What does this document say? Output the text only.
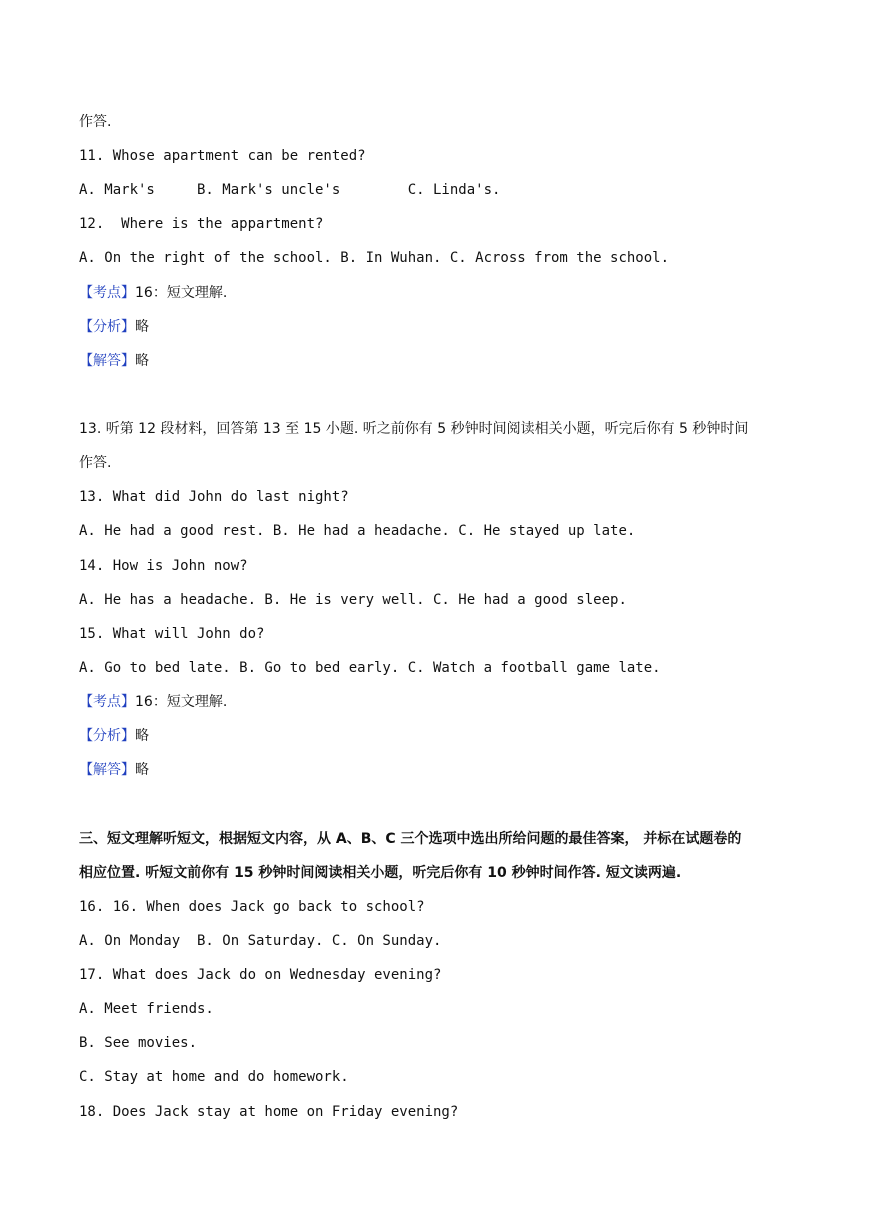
作答.
11. Whose apartment can be rented?
A. Mark's     B. Mark's uncle's        C. Linda's.
12.  Where is the appartment?
A. On the right of the school. B. In Wuhan. C. Across from the school.
【考点】16：短文理解.
【分析】略
【解答】略
13. 听第 12 段材料，回答第 13 至 15 小题. 听之前你有 5 秒钟时间阅读相关小题，听完后你有 5 秒钟时间
作答.
13. What did John do last night?
A. He had a good rest. B. He had a headache. C. He stayed up late.
14. How is John now?
A. He has a headache. B. He is very well. C. He had a good sleep.
15. What will John do?
A. Go to bed late. B. Go to bed early. C. Watch a football game late.
【考点】16：短文理解.
【分析】略
【解答】略
三、短文理解听短文，根据短文内容，从 A、B、C 三个选项中选出所给问题的最佳答案， 并标在试题卷的
相应位置. 听短文前你有 15 秒钟时间阅读相关小题，听完后你有 10 秒钟时间作答. 短文读两遍.
16. 16. When does Jack go back to school?
A. On Monday  B. On Saturday. C. On Sunday.
17. What does Jack do on Wednesday evening?
A. Meet friends.
B. See movies.
C. Stay at home and do homework.
18. Does Jack stay at home on Friday evening?
